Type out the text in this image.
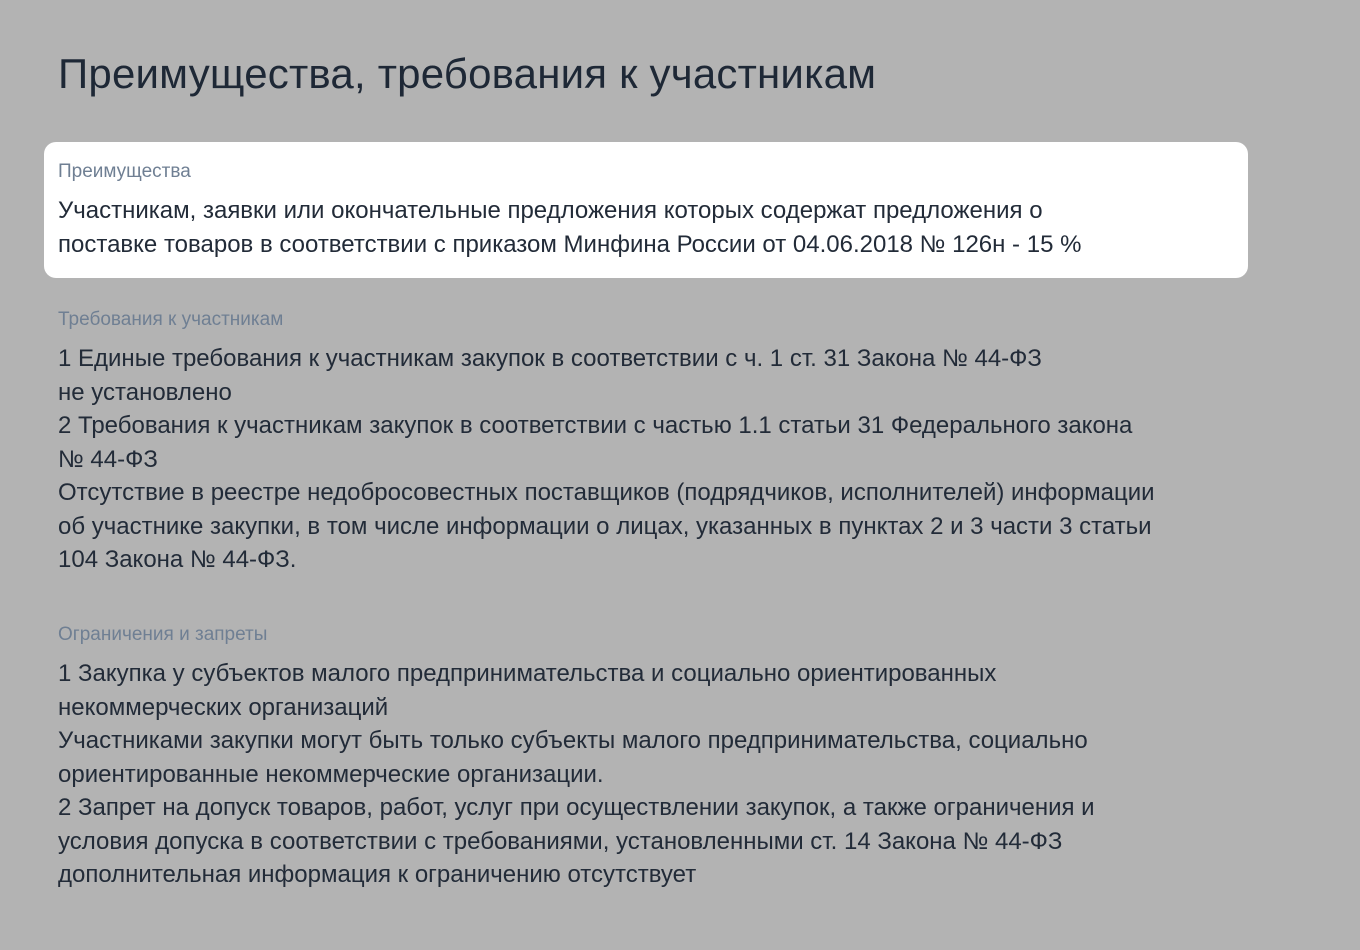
Преимущества, требования к участникам
Преимущества

Участникам, заявки или окончательные предложения которых содержат предложения о
поставке товаров в соответствии с приказом Минфина России от 04.06.2018 № 126н - 15 %

Требования к участникам

1 Единые требования к участникам закупок в соответствии с ч. 1 ст. 31 Закона № 44-ФЗ
не установлено
2 Требования к участникам закупок в соответствии с частью 1.1 статьи 31 Федерального закона
№ 44-ФЗ
Отсутствие в реестре недобросовестных поставщиков (подрядчиков, исполнителей) информации
об участнике закупки, в том числе информации о лицах, указанных в пунктах 2 и 3 части 3 статьи
104 Закона № 44-ФЗ.

Ограничения и запреты

1 Закупка у субъектов малого предпринимательства и социально ориентированных
некоммерческих организаций
Участниками закупки могут быть только субъекты малого предпринимательства, социально
ориентированные некоммерческие организации.
2 Запрет на допуск товаров, работ, услуг при осуществлении закупок, а также ограничения и
условия допуска в соответствии с требованиями, установленными ст. 14 Закона № 44-ФЗ
дополнительная информация к ограничению отсутствует
